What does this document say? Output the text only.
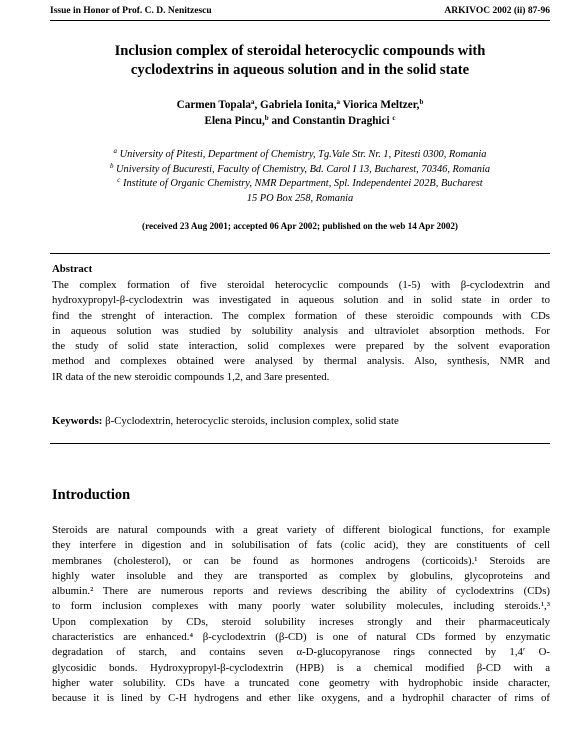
Issue in Honor of Prof. C. D. Nenitzescu	ARKIVOC 2002 (ii) 87-96
Inclusion complex of steroidal heterocyclic compounds with
cyclodextrins in aqueous solution and in the solid state
Carmen Topala$^a$, Gabriela Ionita,$^a$ Viorica Meltzer,$^b$
Elena Pincu,$^b$ and Constantin Draghici $^c$
$^a$ University of Pitesti, Department of Chemistry, Tg.Vale Str. Nr. 1, Pitesti 0300, Romania
$^b$ University of Bucuresti, Faculty of Chemistry, Bd. Carol I 13, Bucharest, 70346, Romania
$^c$ Institute of Organic Chemistry, NMR Department, Spl. Independentei 202B, Bucharest
15 PO Box 258, Romania
(received 23 Aug 2001; accepted 06 Apr 2002; published on the web 14 Apr 2002)
Abstract
The complex formation of five steroidal heterocyclic compounds (1-5) with β-cyclodextrin and
hydroxypropyl-β-cyclodextrin was investigated in aqueous solution and in solid state in order to
find the strenght of interaction. The complex formation of these steroidic compounds with CDs
in aqueous solution was studied by solubility analysis and ultraviolet absorption methods. For
the study of solid state interaction, solid complexes were prepared by the solvent evaporation
method and complexes obtained were analysed by thermal analysis. Also, synthesis, NMR and
IR data of the new steroidic compounds 1,2, and 3are presented.
Keywords: β-Cyclodextrin, heterocyclic steroids, inclusion complex, solid state
Introduction
Steroids are natural compounds with a great variety of different biological functions, for example
they interfere in digestion and in solubilisation of fats (colic acid), they are constituents of cell
membranes (cholesterol), or can be found as hormones androgens (corticoids).¹ Steroids are
highly water insoluble and they are transported as complex by globulins, glycoproteins and
albumin.² There are numerous reports and reviews describing the ability of cyclodextrins (CDs)
to form inclusion complexes with many poorly water solubility molecules, including steroids.¹,³
Upon complexation by CDs, steroid solubility increses strongly and their pharmaceuticaly
characteristics are enhanced.⁴ β-cyclodextrin (β-CD) is one of natural CDs formed by enzymatic
degradation of starch, and contains seven α-D-glucopyranose rings connected by 1,4′ O-
glycosidic bonds. Hydroxypropyl-β-cyclodextrin (HPB) is a chemical modified β-CD with a
higher water solubility. CDs have a truncated cone geometry with hydrophobic inside character,
because it is lined by C-H hydrogens and ether like oxygens, and a hydrophil character of rims of
